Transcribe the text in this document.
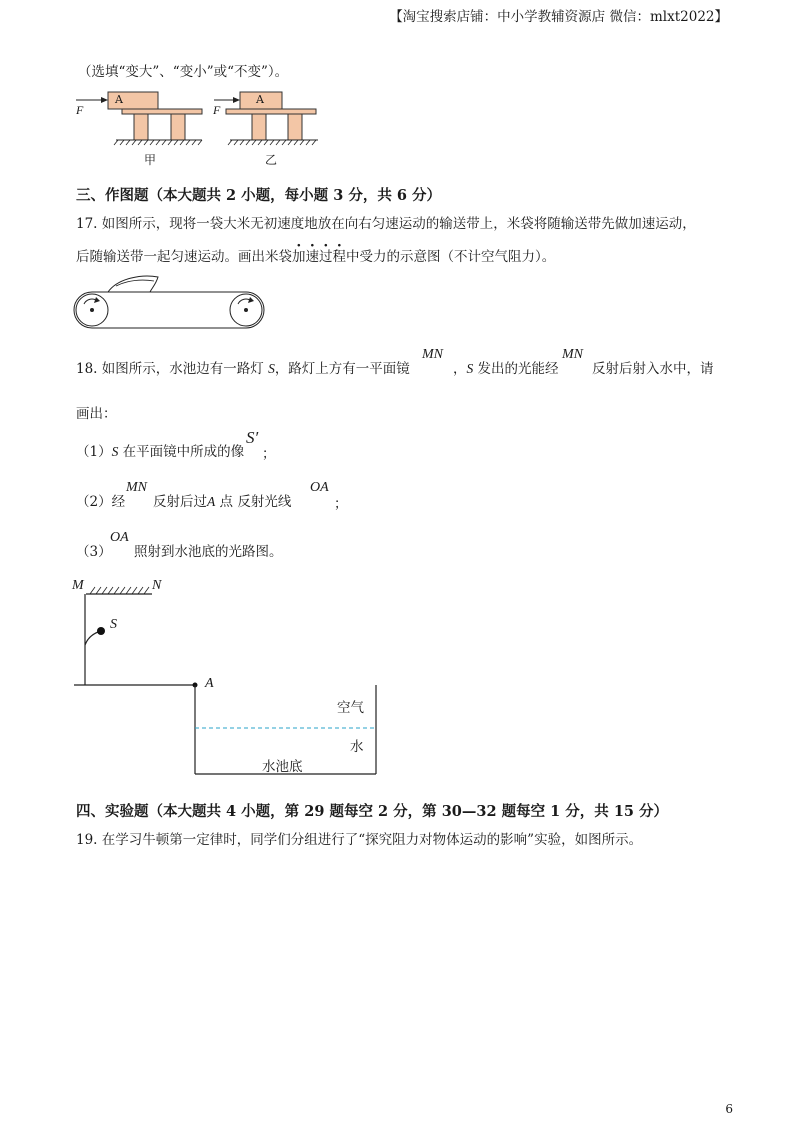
【淘宝搜索店铺：中小学教辅资源店 微信：mlxt2022】
（选填“变大”、“变小”或“不变”）。
F
A
甲
F
A
乙
三、作图题（本大题共 2 小题，每小题 3 分，共 6 分）
17. 如图所示，现将一袋大米无初速度地放在向右匀速运动的输送带上，米袋将随输送带先做加速运动，
后随输送带一起匀速运动。画出米袋加速过程中受力的示意图（不计空气阻力）。
MN	MN
18. 如图所示，水池边有一路灯 S，路灯上方有一平面镜	，S 发出的光能经 反射后射入水中，请
画出：
（1）S 在平面镜中所成的像
S′
；
MN	OA
（2）经 反射后过A 点 反射光线	；
OA
（3） 照射到水池底的光路图。
M	N
S
A
空气
水
水池底
四、实验题（本大题共 4 小题，第 29 题每空 2 分，第 30—32 题每空 1 分，共 15 分）
19. 在学习牛顿第一定律时，同学们分组进行了“探究阻力对物体运动的影响”实验，如图所示。
6
